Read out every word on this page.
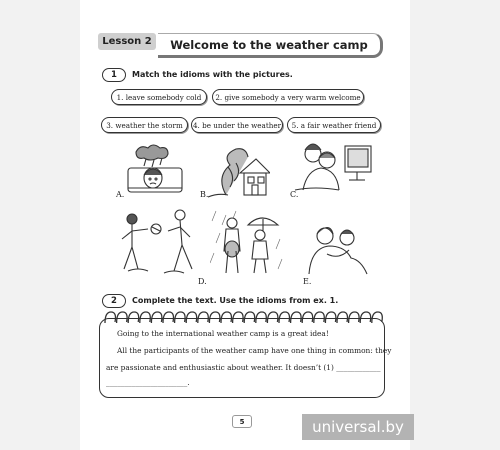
Lesson 2	Welcome to the weather camp
1	Match the idioms with the pictures.
1. leave somebody cold	2. give somebody a very warm welcome
3. weather the storm	4. be under the weather	5. a fair weather friend
A.	B.	C.
D.	E.
2	Complete the text. Use the idioms from ex. 1.
Going to the international weather camp is a great idea!
All the participants of the weather camp have one thing in common: they
are passionate and enthusiastic about weather. It doesn’t (1) ____________
______________________.
5	universal.by
